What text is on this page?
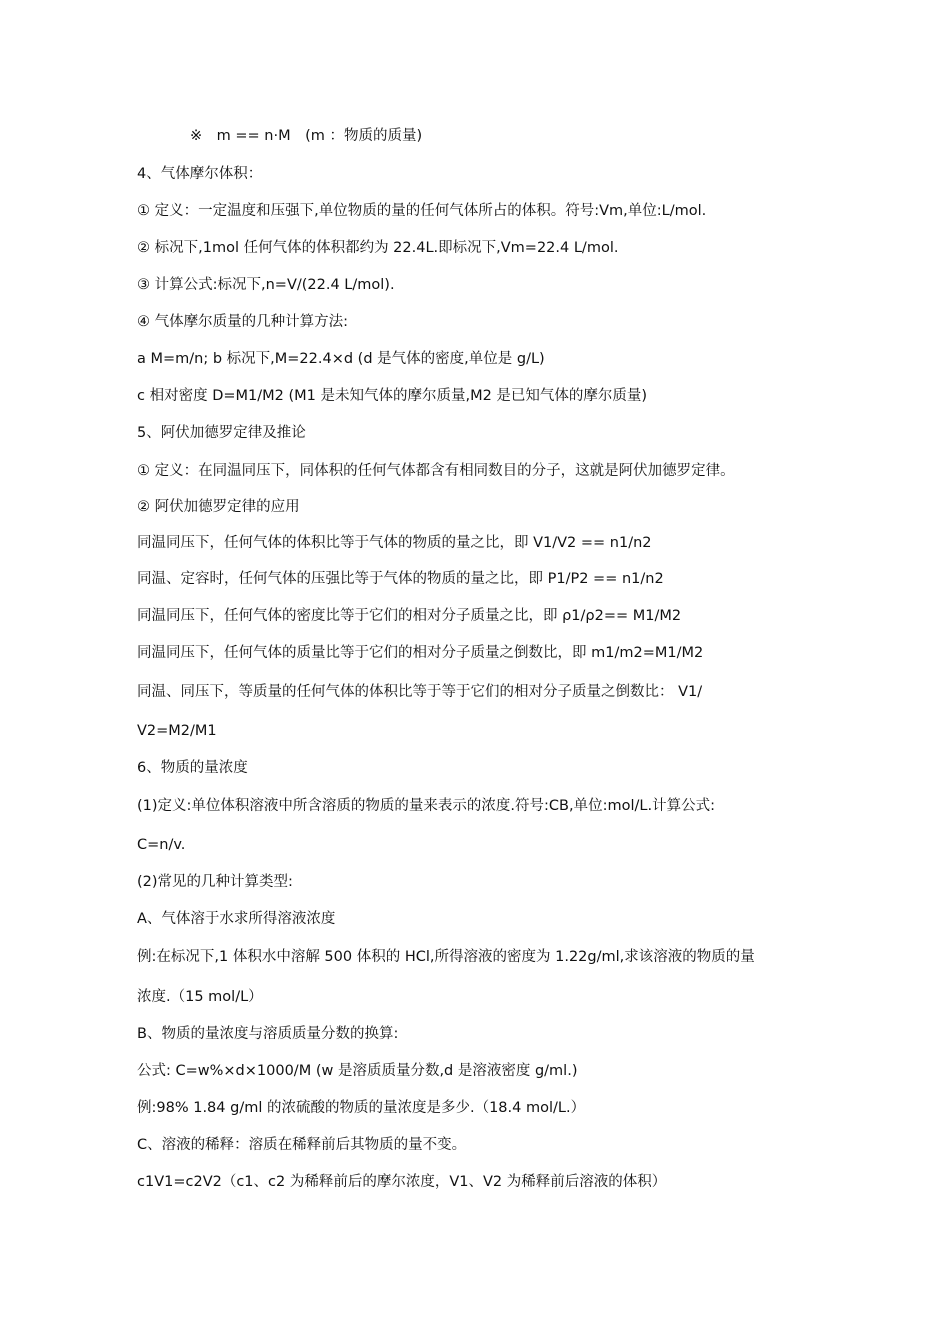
※　m == n·M　(m ：物质的质量)
4、气体摩尔体积：
① 定义：一定温度和压强下,单位物质的量的任何气体所占的体积。符号:Vm,单位:L/mol.
② 标况下,1mol 任何气体的体积都约为 22.4L.即标况下,Vm=22.4 L/mol.
③ 计算公式:标况下,n=V/(22.4 L/mol).
④ 气体摩尔质量的几种计算方法:
a M=m/n; b 标况下,M=22.4×d (d 是气体的密度,单位是 g/L)
c 相对密度 D=M1/M2 (M1 是未知气体的摩尔质量,M2 是已知气体的摩尔质量)
5、阿伏加德罗定律及推论
① 定义：在同温同压下，同体积的任何气体都含有相同数目的分子，这就是阿伏加德罗定律。
② 阿伏加德罗定律的应用
同温同压下，任何气体的体积比等于气体的物质的量之比，即 V1/V2 == n1/n2
同温、定容时，任何气体的压强比等于气体的物质的量之比，即 P1/P2 == n1/n2
同温同压下，任何气体的密度比等于它们的相对分子质量之比，即 ρ1/ρ2== M1/M2
同温同压下，任何气体的质量比等于它们的相对分子质量之倒数比，即 m1/m2=M1/M2
同温、同压下，等质量的任何气体的体积比等于等于它们的相对分子质量之倒数比： V1/
V2=M2/M1
6、物质的量浓度
(1)定义:单位体积溶液中所含溶质的物质的量来表示的浓度.符号:CB,单位:mol/L.计算公式:
C=n/v.
(2)常见的几种计算类型:
A、气体溶于水求所得溶液浓度
例:在标况下,1 体积水中溶解 500 体积的 HCl,所得溶液的密度为 1.22g/ml,求该溶液的物质的量
浓度.（15 mol/L）
B、物质的量浓度与溶质质量分数的换算:
公式: C=w%×d×1000/M (w 是溶质质量分数,d 是溶液密度 g/ml.)
例:98% 1.84 g/ml 的浓硫酸的物质的量浓度是多少.（18.4 mol/L.）
C、溶液的稀释：溶质在稀释前后其物质的量不变。
c1V1=c2V2（c1、c2 为稀释前后的摩尔浓度，V1、V2 为稀释前后溶液的体积）
